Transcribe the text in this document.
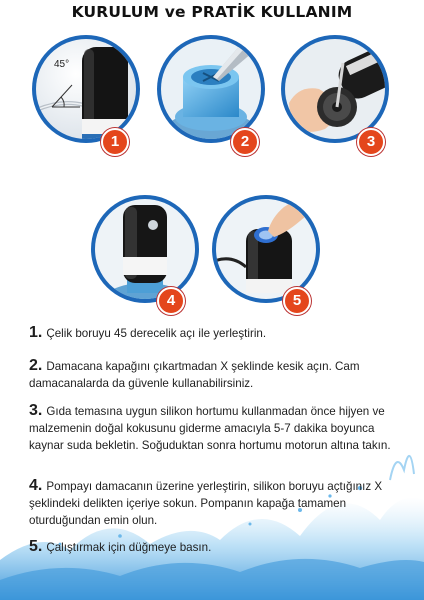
KURULUM ve PRATİK KULLANIM
45°
1	2	3
4	5
1. Çelik boruyu 45 derecelik açı ile yerleştirin.
2. Damacana kapağını çıkartmadan X şeklinde kesik açın. Cam damacanalarda da güvenle kullanabilirsiniz.
3. Gıda temasına uygun silikon hortumu kullanmadan önce hijyen ve malzemenin doğal kokusunu giderme amacıyla 5-7 dakika boyunca kaynar suda bekletin. Soğuduktan sonra hortumu motorun altına takın.
4. Pompayı damacanın üzerine yerleştirin, silikon boruyu açtığınız X şeklindeki delikten içeriye sokun. Pompanın kapağa tamamen oturduğundan emin olun.
5. Çalıştırmak için düğmeye basın.
